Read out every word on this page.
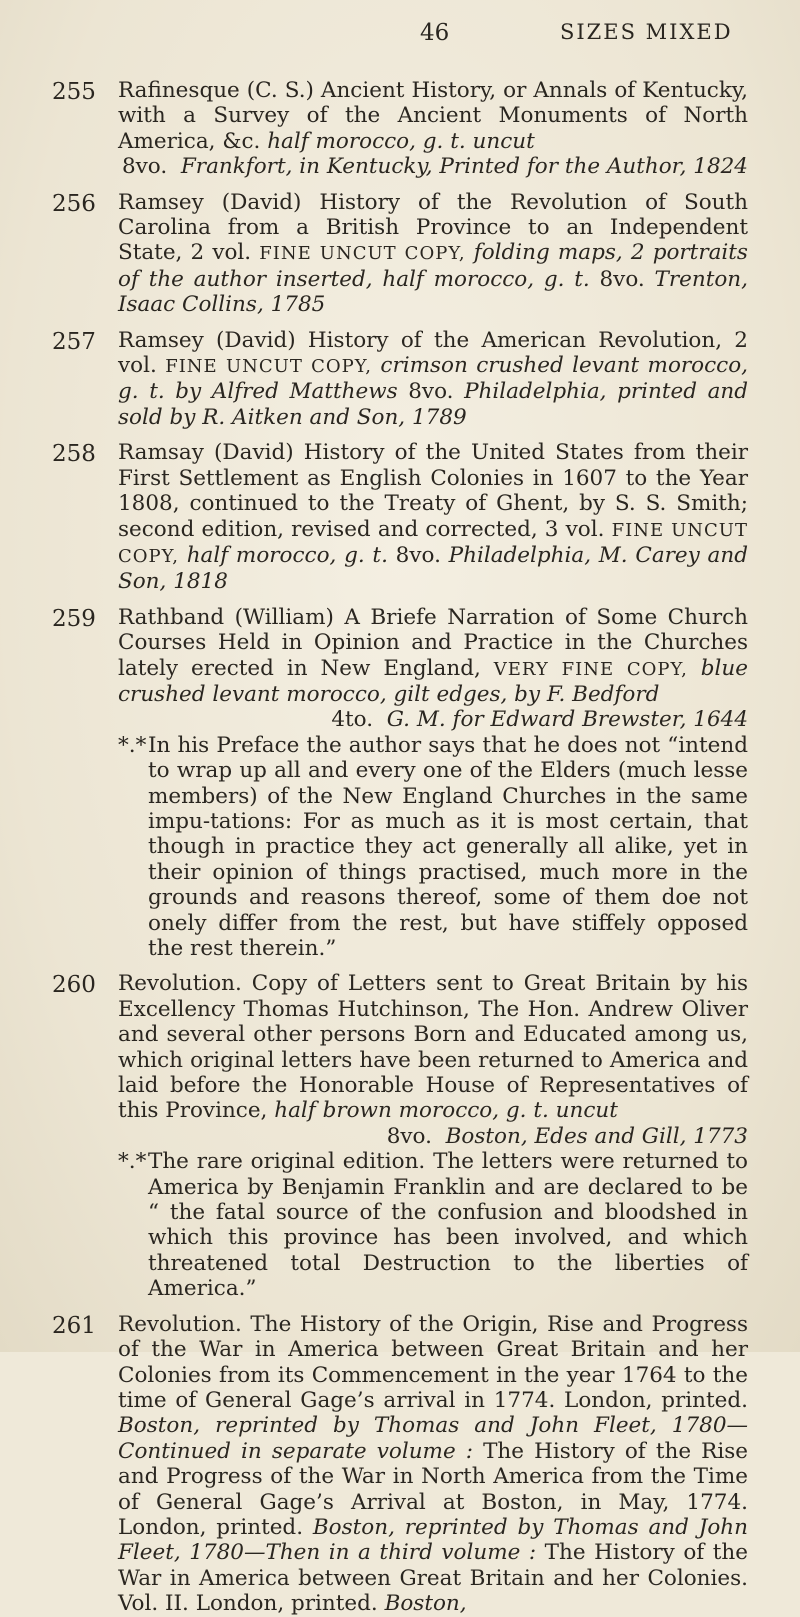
46	SIZES MIXED
255	Rafinesque (C. S.) Ancient History, or Annals of Kentucky, with a Survey of the Ancient Monuments of North America, &c. half morocco, g. t. uncut
8vo. Frankfort, in Kentucky, Printed for the Author, 1824
256	Ramsey (David) History of the Revolution of South Carolina from a British Province to an Independent State, 2 vol. FINE UNCUT COPY, folding maps, 2 portraits of the author inserted, half morocco, g. t. 8vo. Trenton, Isaac Collins, 1785
257	Ramsey (David) History of the American Revolution, 2 vol. FINE UNCUT COPY, crimson crushed levant morocco, g. t. by Alfred Matthews 8vo. Philadelphia, printed and sold by R. Aitken and Son, 1789
258	Ramsay (David) History of the United States from their First Settlement as English Colonies in 1607 to the Year 1808, continued to the Treaty of Ghent, by S. S. Smith; second edition, revised and corrected, 3 vol. FINE UNCUT COPY, half morocco, g. t. 8vo. Philadelphia, M. Carey and Son, 1818
259	Rathband (William) A Briefe Narration of Some Church Courses Held in Opinion and Practice in the Churches lately erected in New England, VERY FINE COPY, blue crushed levant morocco, gilt edges, by F. Bedford
4to. G. M. for Edward Brewster, 1644
*.* In his Preface the author says that he does not “intend to wrap up all and every one of the Elders (much lesse members) of the New England Churches in the same impu-tations: For as much as it is most certain, that though in practice they act generally all alike, yet in their opinion of things practised, much more in the grounds and reasons thereof, some of them doe not onely differ from the rest, but have stiffely opposed the rest therein.”
260	Revolution. Copy of Letters sent to Great Britain by his Excellency Thomas Hutchinson, The Hon. Andrew Oliver and several other persons Born and Educated among us, which original letters have been returned to America and laid before the Honorable House of Representatives of this Province, half brown morocco, g. t. uncut
8vo. Boston, Edes and Gill, 1773
*.* The rare original edition. The letters were returned to America by Benjamin Franklin and are declared to be “ the fatal source of the confusion and bloodshed in which this province has been involved, and which threatened total Destruction to the liberties of America.”
261	Revolution. The History of the Origin, Rise and Progress of the War in America between Great Britain and her Colonies from its Commencement in the year 1764 to the time of General Gage’s arrival in 1774. London, printed. Boston, reprinted by Thomas and John Fleet, 1780—Continued in separate volume : The History of the Rise and Progress of the War in North America from the Time of General Gage’s Arrival at Boston, in May, 1774. London, printed. Boston, reprinted by Thomas and John Fleet, 1780—Then in a third volume : The History of the War in America between Great Britain and her Colonies. Vol. II. London, printed. Boston,
